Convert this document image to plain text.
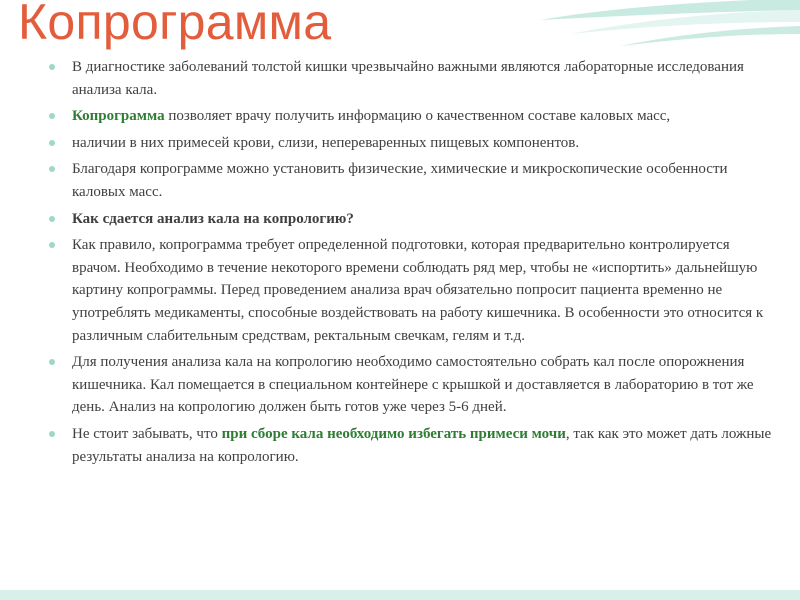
Копрограмма
В диагностике заболеваний толстой кишки чрезвычайно важными являются лабораторные исследования анализа кала.
Копрограмма позволяет врачу получить информацию о качественном составе каловых масс,
наличии в них примесей крови, слизи, непереваренных пищевых компонентов.
Благодаря копрограмме можно установить физические, химические и микроскопические особенности каловых масс.
Как сдается анализ кала на копрологию?
Как правило, копрограмма требует определенной подготовки, которая предварительно контролируется врачом. Необходимо в течение некоторого времени соблюдать ряд мер, чтобы не «испортить» дальнейшую картину копрограммы. Перед проведением анализа врач обязательно попросит пациента временно не употреблять медикаменты, способные воздействовать на работу кишечника. В особенности это относится к различным слабительным средствам, ректальным свечкам, гелям и т.д.
Для получения анализа кала на копрологию необходимо самостоятельно собрать кал после опорожнения кишечника. Кал помещается в специальном контейнере с крышкой и доставляется в лабораторию в тот же день. Анализ на копрологию должен быть готов уже через 5-6 дней.
Не стоит забывать, что при сборе кала необходимо избегать примеси мочи, так как это может дать ложные результаты анализа на копрологию.
